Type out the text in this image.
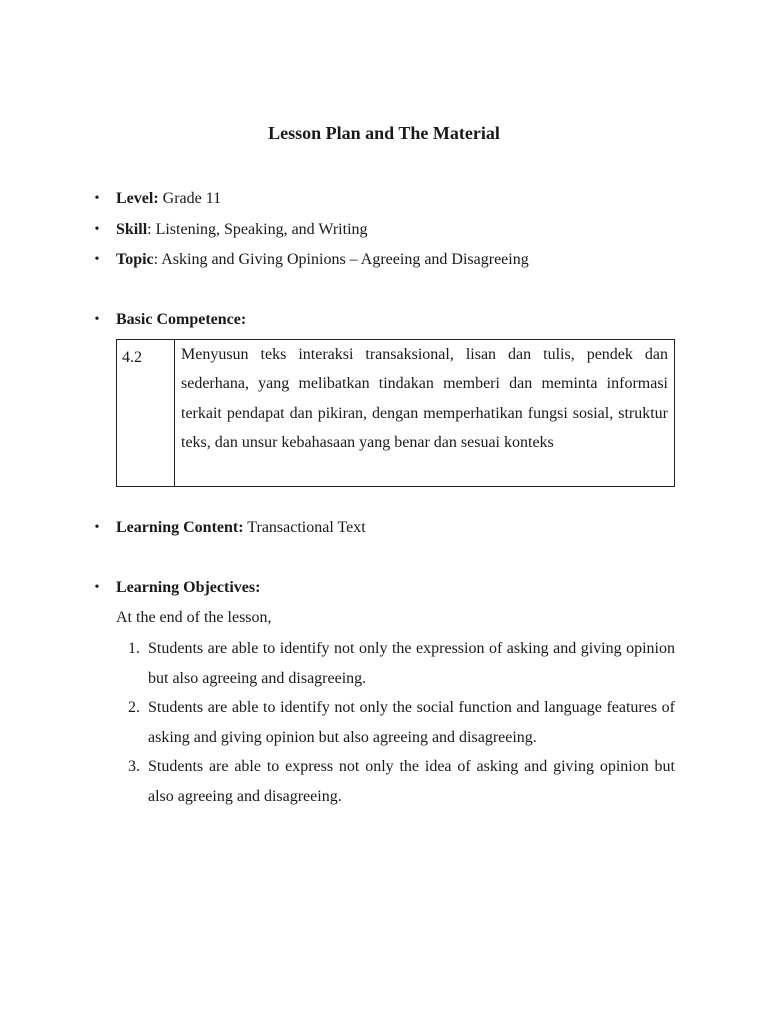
Lesson Plan and The Material
• Level: Grade 11
• Skill: Listening, Speaking, and Writing
• Topic: Asking and Giving Opinions – Agreeing and Disagreeing
• Basic Competence:
4.2	Menyusun teks interaksi transaksional, lisan dan tulis, pendek dan sederhana, yang melibatkan tindakan memberi dan meminta informasi terkait pendapat dan pikiran, dengan memperhatikan fungsi sosial, struktur teks, dan unsur kebahasaan yang benar dan sesuai konteks
• Learning Content: Transactional Text
• Learning Objectives:
At the end of the lesson,
1. Students are able to identify not only the expression of asking and giving opinion but also agreeing and disagreeing.
2. Students are able to identify not only the social function and language features of asking and giving opinion but also agreeing and disagreeing.
3. Students are able to express not only the idea of asking and giving opinion but also agreeing and disagreeing.
